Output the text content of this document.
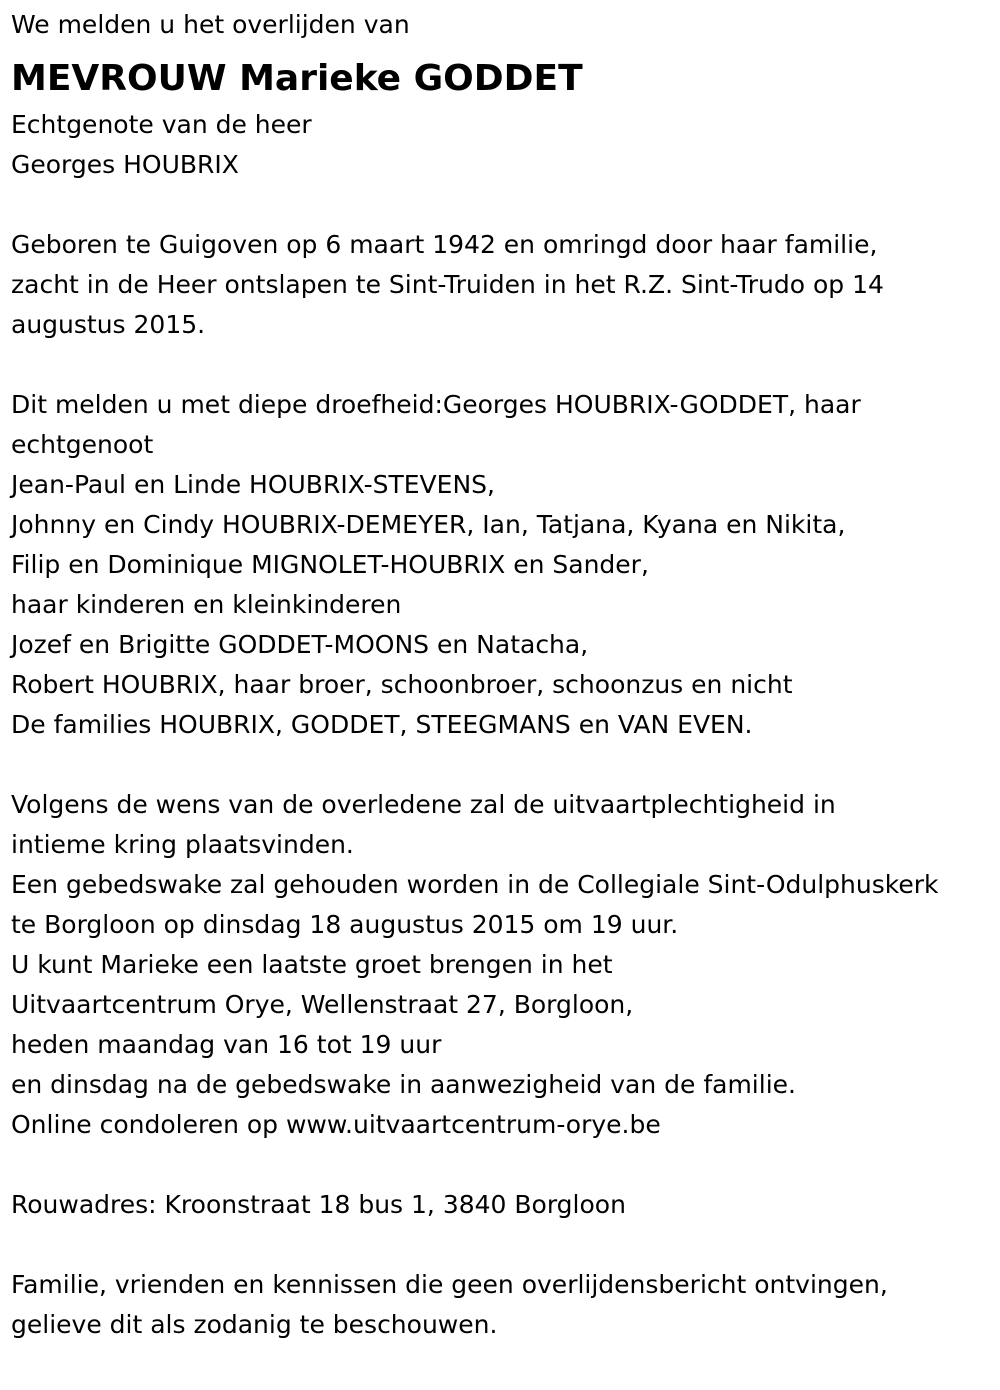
We melden u het overlijden van
MEVROUW Marieke GODDET
Echtgenote van de heer
Georges HOUBRIX
Geboren te Guigoven op 6 maart 1942 en omringd door haar familie,
zacht in de Heer ontslapen te Sint-Truiden in het R.Z. Sint-Trudo op 14
augustus 2015.
Dit melden u met diepe droefheid:Georges HOUBRIX-GODDET, haar
echtgenoot
Jean-Paul en Linde HOUBRIX-STEVENS,
Johnny en Cindy HOUBRIX-DEMEYER, Ian, Tatjana, Kyana en Nikita,
Filip en Dominique MIGNOLET-HOUBRIX en Sander,
haar kinderen en kleinkinderen
Jozef en Brigitte GODDET-MOONS en Natacha,
Robert HOUBRIX, haar broer, schoonbroer, schoonzus en nicht
De families HOUBRIX, GODDET, STEEGMANS en VAN EVEN.
Volgens de wens van de overledene zal de uitvaartplechtigheid in
intieme kring plaatsvinden.
Een gebedswake zal gehouden worden in de Collegiale Sint-Odulphuskerk
te Borgloon op dinsdag 18 augustus 2015 om 19 uur.
U kunt Marieke een laatste groet brengen in het
Uitvaartcentrum Orye, Wellenstraat 27, Borgloon,
heden maandag van 16 tot 19 uur
en dinsdag na de gebedswake in aanwezigheid van de familie.
Online condoleren op www.uitvaartcentrum-orye.be
Rouwadres: Kroonstraat 18 bus 1, 3840 Borgloon
Familie, vrienden en kennissen die geen overlijdensbericht ontvingen,
gelieve dit als zodanig te beschouwen.
